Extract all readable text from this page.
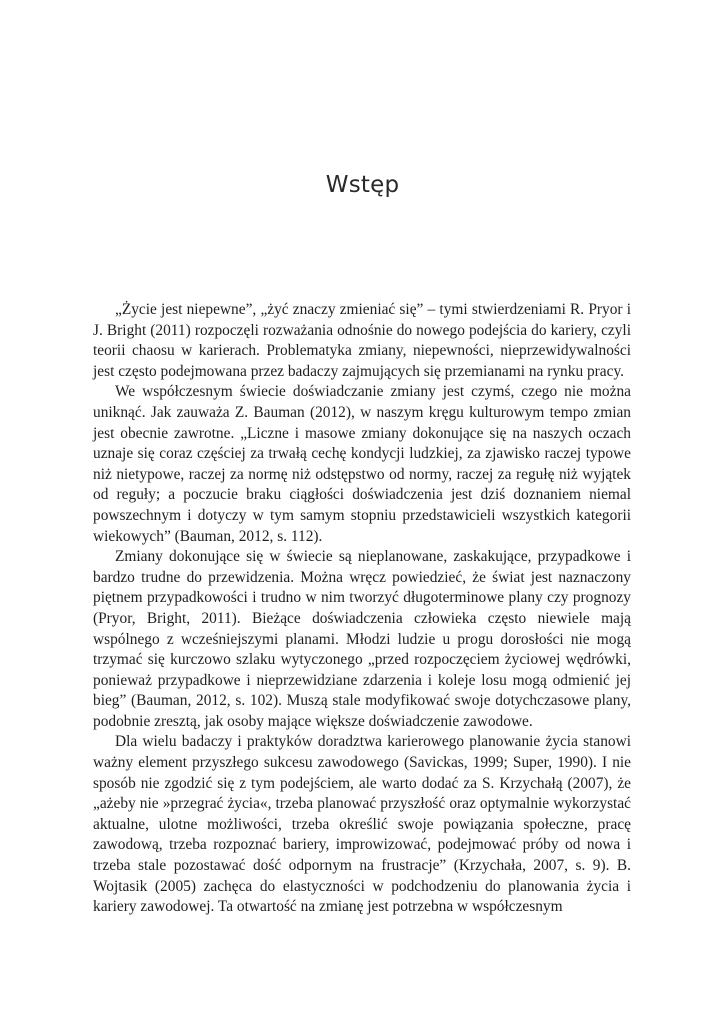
Wstęp

„Życie jest niepewne”, „żyć znaczy zmieniać się” – tymi stwierdzeniami R. Pryor i J. Bright (2011) rozpoczęli rozważania odnośnie do nowego podejścia do kariery, czyli teorii chaosu w karierach. Problematyka zmiany, niepewności, nieprzewidywalności jest często podejmowana przez badaczy zajmujących się przemianami na rynku pracy.

We współczesnym świecie doświadczanie zmiany jest czymś, czego nie można uniknąć. Jak zauważa Z. Bauman (2012), w naszym kręgu kulturowym tempo zmian jest obecnie zawrotne. „Liczne i masowe zmiany dokonujące się na naszych oczach uznaje się coraz częściej za trwałą cechę kondycji ludzkiej, za zjawisko raczej typowe niż nietypowe, raczej za normę niż odstępstwo od normy, raczej za regułę niż wyjątek od reguły; a poczucie braku ciągłości doświadczenia jest dziś doznaniem niemal powszechnym i dotyczy w tym samym stopniu przedstawicieli wszystkich kategorii wiekowych” (Bauman, 2012, s. 112).

Zmiany dokonujące się w świecie są nieplanowane, zaskakujące, przypadkowe i bardzo trudne do przewidzenia. Można wręcz powiedzieć, że świat jest naznaczony piętnem przypadkowości i trudno w nim tworzyć długoterminowe plany czy prognozy (Pryor, Bright, 2011). Bieżące doświadczenia człowieka często niewiele mają wspólnego z wcześniejszymi planami. Młodzi ludzie u progu dorosłości nie mogą trzymać się kurczowo szlaku wytyczonego „przed rozpoczęciem życiowej wędrówki, ponieważ przypadkowe i nieprzewidziane zdarzenia i koleje losu mogą odmienić jej bieg” (Bauman, 2012, s. 102). Muszą stale modyfikować swoje dotychczasowe plany, podobnie zresztą, jak osoby mające większe doświadczenie zawodowe.

Dla wielu badaczy i praktyków doradztwa karierowego planowanie życia stanowi ważny element przyszłego sukcesu zawodowego (Savickas, 1999; Super, 1990). I nie sposób nie zgodzić się z tym podejściem, ale warto dodać za S. Krzychałą (2007), że „ażeby nie »przegrać życia«, trzeba planować przyszłość oraz optymalnie wykorzystać aktualne, ulotne możliwości, trzeba określić swoje powiązania społeczne, pracę zawodową, trzeba rozpoznać bariery, improwizować, podejmować próby od nowa i trzeba stale pozostawać dość odpornym na frustracje” (Krzychała, 2007, s. 9). B. Wojtasik (2005) zachęca do elastyczności w podchodzeniu do planowania życia i kariery zawodowej. Ta otwartość na zmianę jest potrzebna w współczesnym
